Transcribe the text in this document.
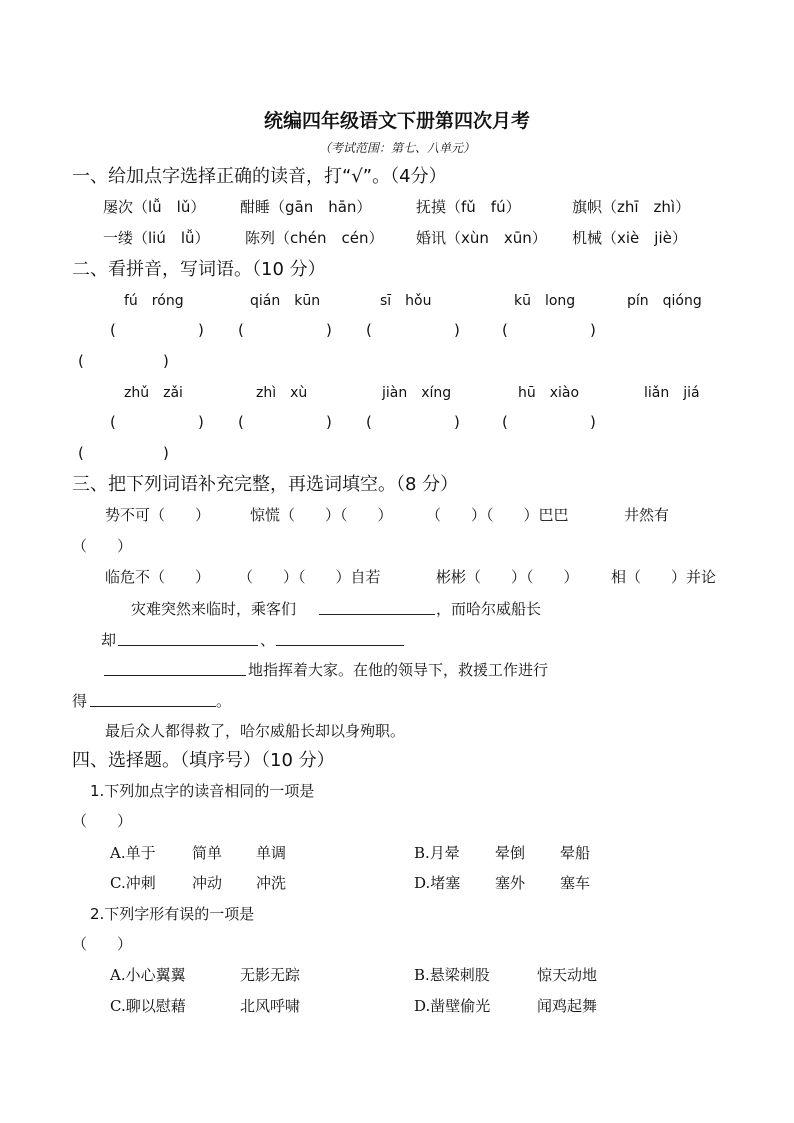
统编四年级语文下册第四次月考
（考试范围：第七、八单元）
一、给加点字选择正确的读音，打“√”。（4分）
屡次（lǚ　lǔ） 酣睡（gān　hān）	抚摸（fǔ　fú）	旗帜（zhī　zhì）
一缕（liú　lǚ） 陈列（chén　cén） 婚讯（xùn　xūn） 机械（xiè　jiè）
二、看拼音，写词语。（10 分）
fú　róng	qián　kūn	sī　hǒu	kū　long	pín　qióng
(	) (	) (	)	(	)
(	)
zhǔ　zǎi	zhì　xù	jiàn　xíng	hū　xiào	liǎn　jiá
(	) (	) (	)	(	)
(	)
三、把下列词语补充完整，再选词填空。（8 分）
势不可（　　）	惊慌（　　）（　　） （　　）（　　）巴巴	井然有
（　　）
临危不（　　） （　　）（　　）自若	彬彬（　　）（　　） 相（　　）并论
灾难突然来临时，乘客们	，而哈尔威船长
却	、
地指挥着大家。在他的领导下，救援工作进行
得	。
最后众人都得救了，哈尔威船长却以身殉职。
四、选择题。（填序号）（10 分）
1.下列加点字的读音相同的一项是
（　　）
A.单于 简单 单调	B.月晕 晕倒 晕船
C.冲刺 冲动 冲洗	D.堵塞 塞外 塞车
2.下列字形有误的一项是
（　　）
A.小心翼翼	无影无踪	B.悬梁刺股	惊天动地
C.聊以慰藉	北风呼啸	D.凿壁偷光	闻鸡起舞
